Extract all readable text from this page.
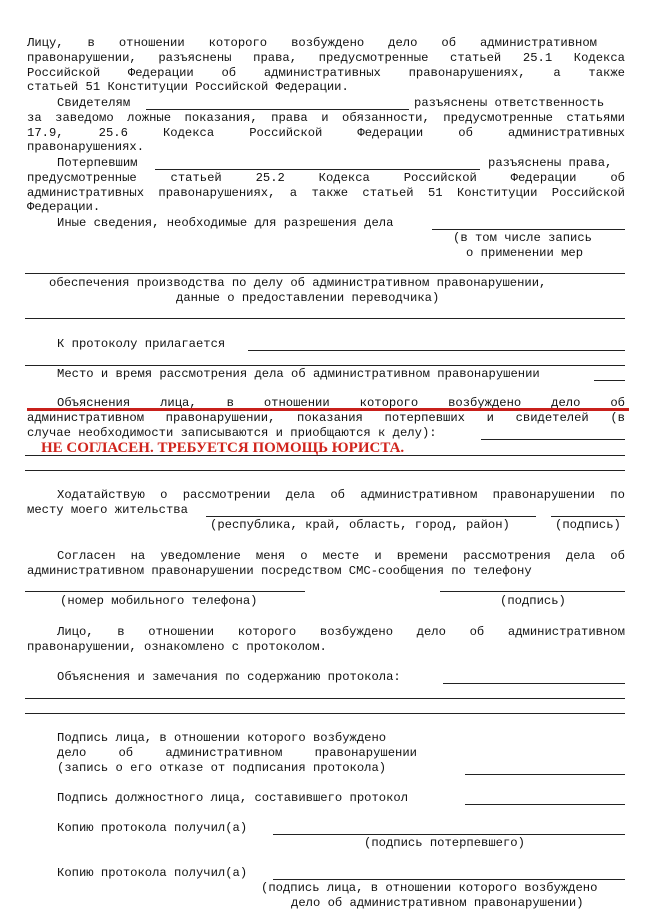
Лицу, в отношении которого возбуждено дело об административном
правонарушении, разъяснены права, предусмотренные статьей 25.1 Кодекса
Российской Федерации об административных правонарушениях, а также
статьей 51 Конституции Российской Федерации.
Свидетелям	разъяснены ответственность
за заведомо ложные показания, права и обязанности, предусмотренные статьями
17.9,	25.6	Кодекса	Российской	Федерации	об	административных
правонарушениях.
Потерпевшим	разъяснены права,
предусмотренные	статьей	25.2	Кодекса	Российской	Федерации	об
административных правонарушениях, а также статьей 51 Конституции Российской
Федерации.
Иные сведения, необходимые для разрешения дела
(в том числе запись
о применении мер
обеспечения производства по делу об административном правонарушении,
данные о предоставлении переводчика)
К протоколу прилагается
Место и время рассмотрения дела об административном правонарушении
Объяснения лица, в отношении которого возбуждено дело об
административном правонарушении, показания потерпевших и свидетелей (в
случае необходимости записываются и приобщаются к делу):
НЕ СОГЛАСЕН. ТРЕБУЕТСЯ ПОМОЩЬ ЮРИСТА.
Ходатайствую о рассмотрении дела об административном правонарушении по
месту моего жительства
(республика, край, область, город, район)	(подпись)
Согласен на уведомление меня о месте и времени рассмотрения дела об
административном правонарушении посредством СМС-сообщения по телефону
(номер мобильного телефона)	(подпись)
Лицо, в отношении которого возбуждено дело об административном
правонарушении, ознакомлено с протоколом.
Объяснения и замечания по содержанию протокола:
Подпись лица, в отношении которого возбуждено
дело	об	административном	правонарушении
(запись о его отказе от подписания протокола)
Подпись должностного лица, составившего протокол
Копию протокола получил(а)
(подпись потерпевшего)
Копию протокола получил(а)
(подпись лица, в отношении которого возбуждено
дело об административном правонарушении)
